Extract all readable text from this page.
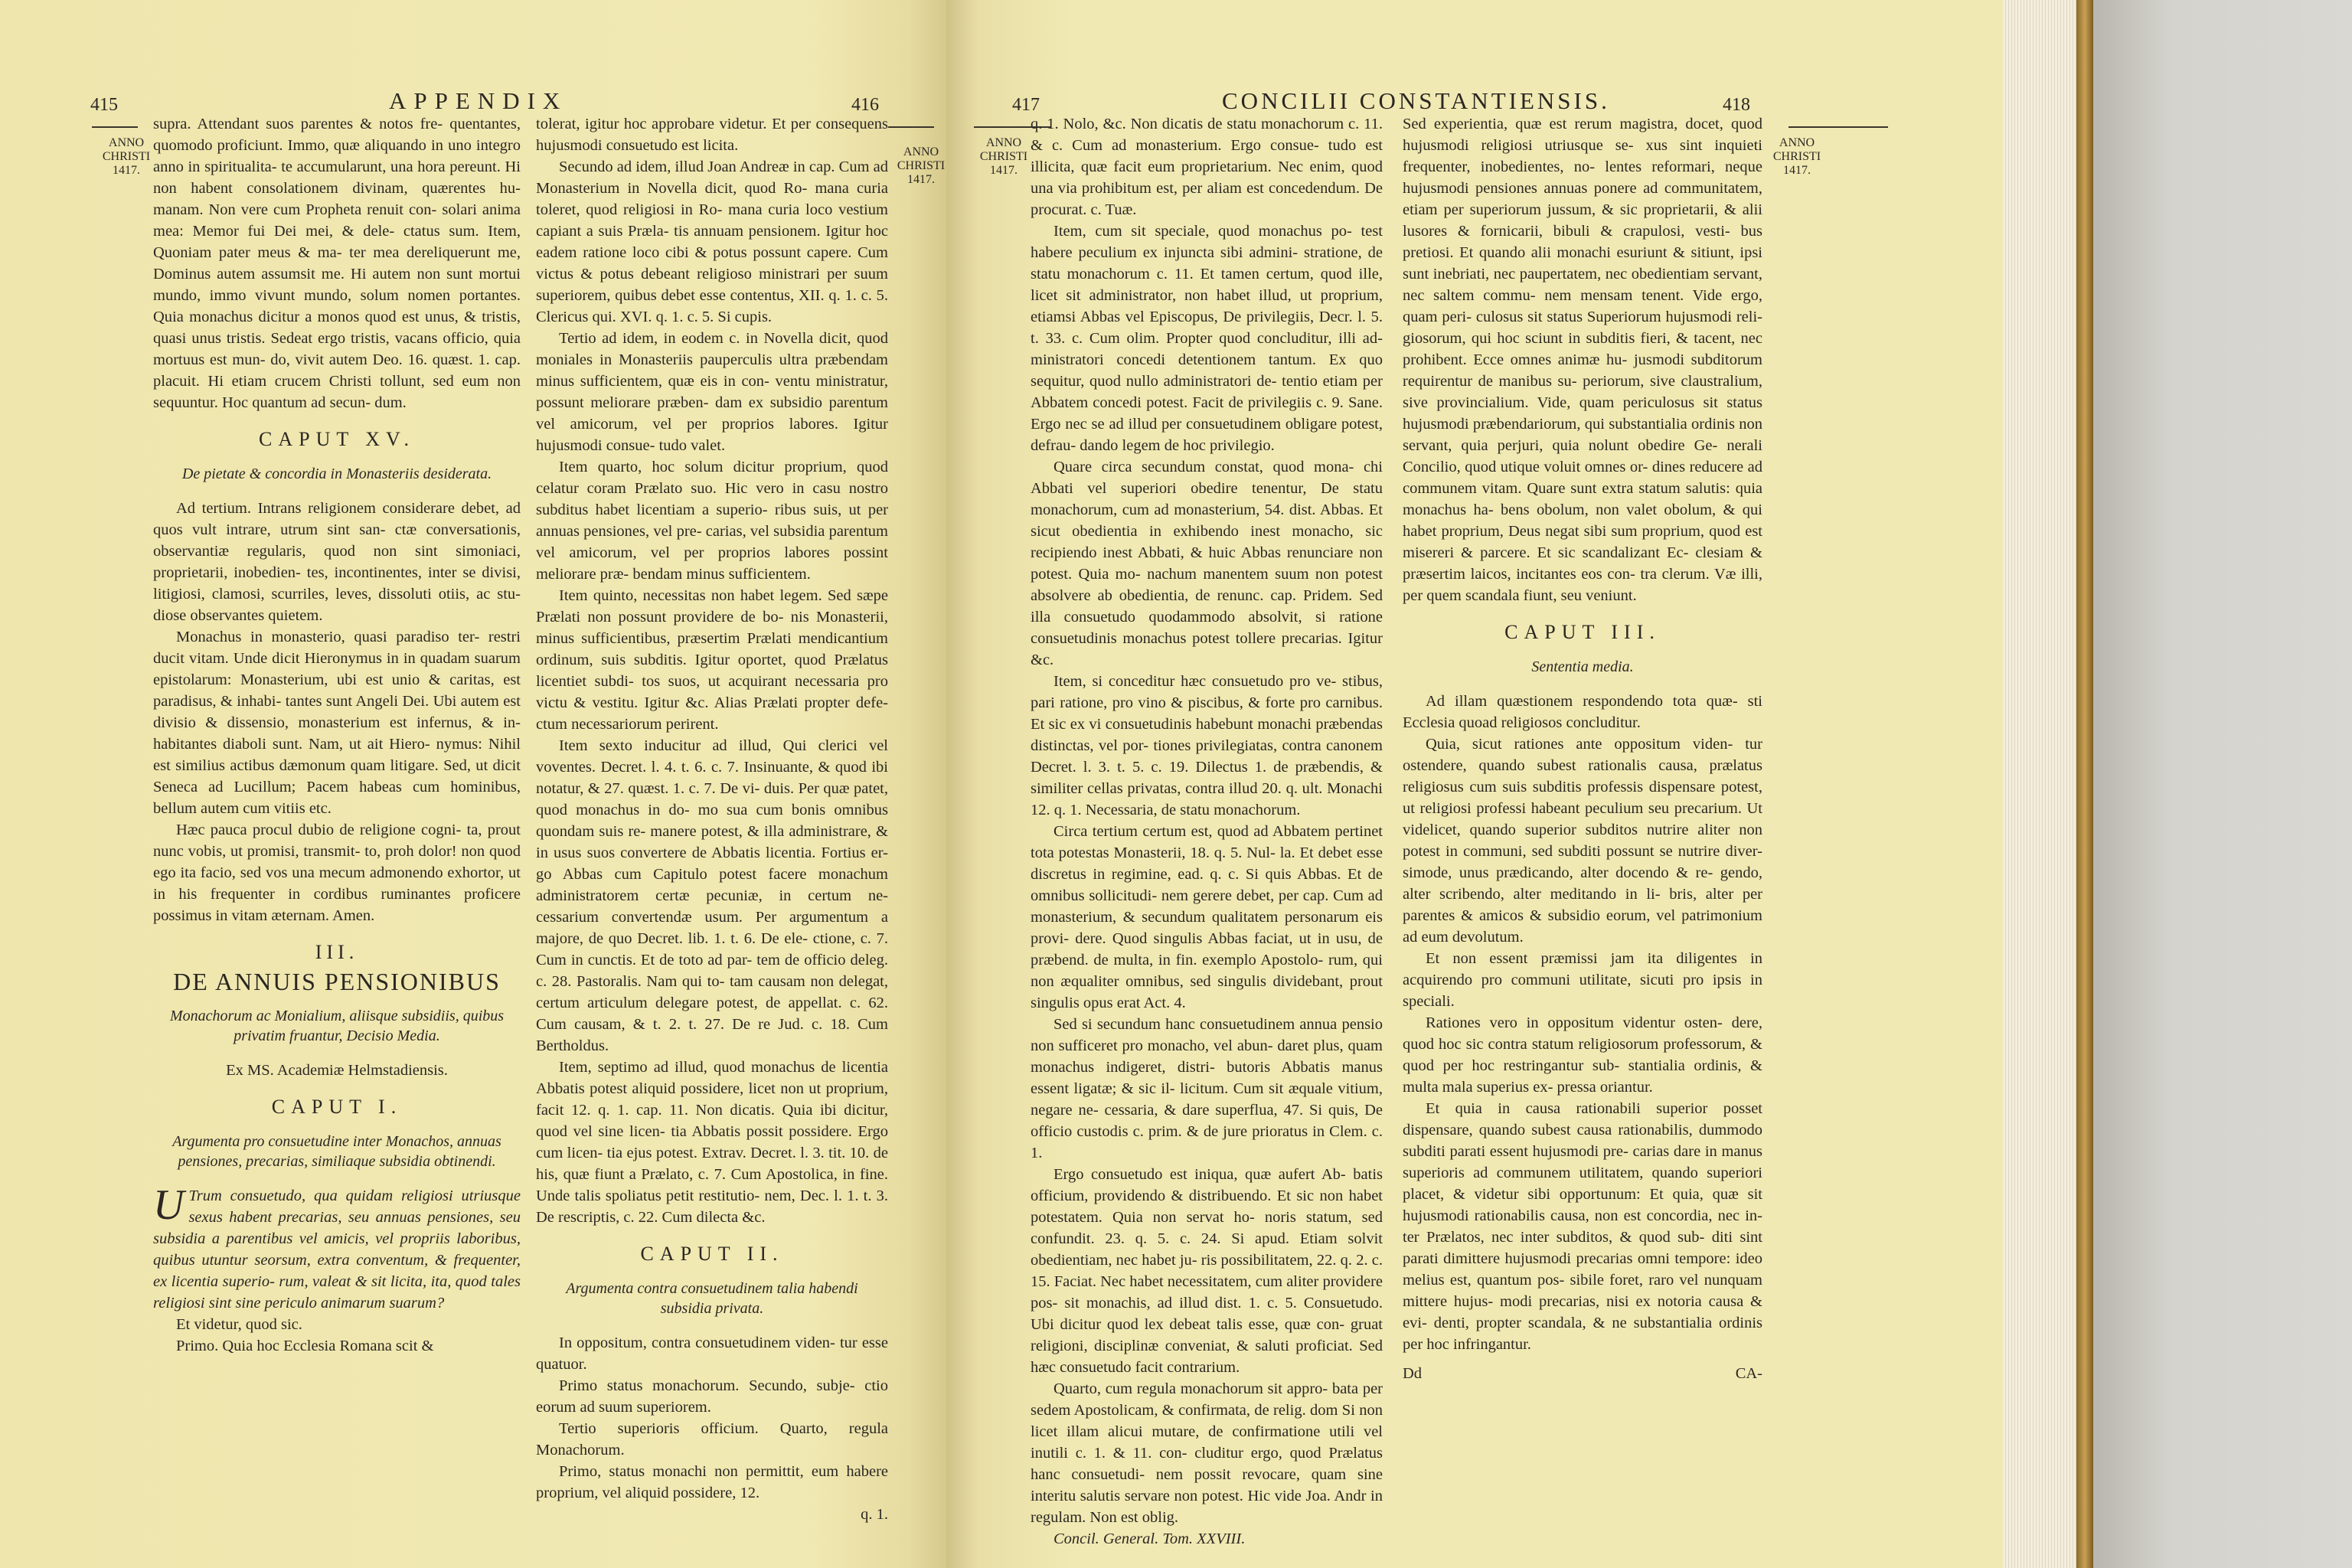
415	APPENDIX	416
ANNO CHRISTI 1417.
ANNO CHRISTI 1417.

supra. Attendant suos parentes & notos fre- quentantes, quomodo proficiunt. Immo, quæ aliquando in uno integro anno in spiritualita- te accumularunt, una hora pereunt. Hi non habent consolationem divinam, quærentes hu- manam. Non vere cum Propheta renuit con- solari anima mea: Memor fui Dei mei, & dele- ctatus sum. Item, Quoniam pater meus & ma- ter mea dereliquerunt me, Dominus autem assumsit me. Hi autem non sunt mortui mundo, immo vivunt mundo, solum nomen portantes. Quia monachus dicitur a monos quod est unus, & tristis, quasi unus tristis. Sedeat ergo tristis, vacans officio, quia mortuus est mun- do, vivit autem Deo. 16. quæst. 1. cap. placuit. Hi etiam crucem Christi tollunt, sed eum non sequuntur. Hoc quantum ad secun- dum.

CAPUT XV.
De pietate & concordia in Monasteriis desiderata.

Ad tertium. Intrans religionem considerare debet, ad quos vult intrare, utrum sint san- ctæ conversationis, observantiæ regularis, quod non sint simoniaci, proprietarii, inobedien- tes, incontinentes, inter se divisi, litigiosi, clamosi, scurriles, leves, dissoluti otiis, ac stu- diose observantes quietem.

Monachus in monasterio, quasi paradiso ter- restri ducit vitam. Unde dicit Hieronymus in in quadam suarum epistolarum: Monasterium, ubi est unio & caritas, est paradisus, & inhabi- tantes sunt Angeli Dei. Ubi autem est divisio & dissensio, monasterium est infernus, & in- habitantes diaboli sunt. Nam, ut ait Hiero- nymus: Nihil est similius actibus dæmonum quam litigare. Sed, ut dicit Seneca ad Lucillum; Pacem habeas cum hominibus, bellum autem cum vitiis etc.

Hæc pauca procul dubio de religione cogni- ta, prout nunc vobis, ut promisi, transmit- to, proh dolor! non quod ego ita facio, sed vos una mecum admonendo exhortor, ut in his frequenter in cordibus ruminantes proficere possimus in vitam æternam. Amen.

III.
DE ANNUIS PENSIONIBUS
Monachorum ac Monialium, aliisque subsidiis, quibus privatim fruantur, Decisio Media.
Ex MS. Academiæ Helmstadiensis.
CAPUT I.
Argumenta pro consuetudine inter Monachos, annuas pensiones, precarias, similiaque subsidia obtinendi.

U Trum consuetudo, qua quidam religiosi utriusque sexus habent precarias, seu annuas pensiones, seu subsidia a parentibus vel amicis, vel propriis laboribus, quibus utuntur seorsum, extra conventum, & frequenter, ex licentia superio- rum, valeat & sit licita, ita, quod tales religiosi sint sine periculo animarum suarum?

Et videtur, quod sic.

Primo. Quia hoc Ecclesia Romana scit &

tolerat, igitur hoc approbare videtur. Et per consequens hujusmodi consuetudo est licita.

Secundo ad idem, illud Joan Andreæ in cap. Cum ad Monasterium in Novella dicit, quod Ro- mana curia toleret, quod religiosi in Ro- mana curia loco vestium capiant a suis Præla- tis annuam pensionem. Igitur hoc eadem ratione loco cibi & potus possunt capere. Cum victus & potus debeant religioso ministrari per suum superiorem, quibus debet esse contentus, XII. q. 1. c. 5. Clericus qui. XVI. q. 1. c. 5. Si cupis.

Tertio ad idem, in eodem c. in Novella dicit, quod moniales in Monasteriis pauperculis ultra præbendam minus sufficientem, quæ eis in con- ventu ministratur, possunt meliorare præben- dam ex subsidio parentum vel amicorum, vel per proprios labores. Igitur hujusmodi consue- tudo valet.

Item quarto, hoc solum dicitur proprium, quod celatur coram Prælato suo. Hic vero in casu nostro subditus habet licentiam a superio- ribus suis, ut per annuas pensiones, vel pre- carias, vel subsidia parentum vel amicorum, vel per proprios labores possint meliorare præ- bendam minus sufficientem.

Item quinto, necessitas non habet legem. Sed sæpe Prælati non possunt providere de bo- nis Monasterii, minus sufficientibus, præsertim Prælati mendicantium ordinum, suis subditis. Igitur oportet, quod Prælatus licentiet subdi- tos suos, ut acquirant necessaria pro victu & vestitu. Igitur &c. Alias Prælati propter defe- ctum necessariorum perirent.

Item sexto inducitur ad illud, Qui clerici vel voventes. Decret. l. 4. t. 6. c. 7. Insinuante, & quod ibi notatur, & 27. quæst. 1. c. 7. De vi- duis. Per quæ patet, quod monachus in do- mo sua cum bonis omnibus quondam suis re- manere potest, & illa administrare, & in usus suos convertere de Abbatis licentia. Fortius er- go Abbas cum Capitulo potest facere monachum administratorem certæ pecuniæ, in certum ne- cessarium convertendæ usum. Per argumentum a majore, de quo Decret. lib. 1. t. 6. De ele- ctione, c. 7. Cum in cunctis. Et de toto ad par- tem de officio deleg. c. 28. Pastoralis. Nam qui to- tam causam non delegat, certum articulum delegare potest, de appellat. c. 62. Cum causam, & t. 2. t. 27. De re Jud. c. 18. Cum Bertholdus.

Item, septimo ad illud, quod monachus de licentia Abbatis potest aliquid possidere, licet non ut proprium, facit 12. q. 1. cap. 11. Non dicatis. Quia ibi dicitur, quod vel sine licen- tia Abbatis possit possidere. Ergo cum licen- tia ejus potest. Extrav. Decret. l. 3. tit. 10. de his, quæ fiunt a Prælato, c. 7. Cum Apostolica, in fine. Unde talis spoliatus petit restitutio- nem, Dec. l. 1. t. 3. De rescriptis, c. 22. Cum dilecta &c.

CAPUT II.
Argumenta contra consuetudinem talia habendi subsidia privata.

In oppositum, contra consuetudinem viden- tur esse quatuor.

Primo status monachorum. Secundo, subje- ctio eorum ad suum superiorem.

Tertio superioris officium. Quarto, regula Monachorum.

Primo, status monachi non permittit, eum habere proprium, vel aliquid possidere, 12.

q. 1.

417	CONCILII CONSTANTIENSIS.	418
ANNO CHRISTI 1417.
ANNO CHRISTI 1417.

q. 1. Nolo, &c. Non dicatis de statu monachorum c. 11. & c. Cum ad monasterium. Ergo consue- tudo est illicita, quæ facit eum proprietarium. Nec enim, quod una via prohibitum est, per aliam est concedendum. De procurat. c. Tuæ.

Item, cum sit speciale, quod monachus po- test habere peculium ex injuncta sibi admini- stratione, de statu monachorum c. 11. Et tamen certum, quod ille, licet sit administrator, non habet illud, ut proprium, etiamsi Abbas vel Episcopus, De privilegiis, Decr. l. 5. t. 33. c. Cum olim. Propter quod concluditur, illi ad- ministratori concedi detentionem tantum. Ex quo sequitur, quod nullo administratori de- tentio etiam per Abbatem concedi potest. Facit de privilegiis c. 9. Sane. Ergo nec se ad illud per consuetudinem obligare potest, defrau- dando legem de hoc privilegio.

Quare circa secundum constat, quod mona- chi Abbati vel superiori obedire tenentur, De statu monachorum, cum ad monasterium, 54. dist. Abbas. Et sicut obedientia in exhibendo inest monacho, sic recipiendo inest Abbati, & huic Abbas renunciare non potest. Quia mo- nachum manentem suum non potest absolvere ab obedientia, de renunc. cap. Pridem. Sed illa consuetudo quodammodo absolvit, si ratione consuetudinis monachus potest tollere precarias. Igitur &c.

Item, si conceditur hæc consuetudo pro ve- stibus, pari ratione, pro vino & piscibus, & forte pro carnibus. Et sic ex vi consuetudinis habebunt monachi præbendas distinctas, vel por- tiones privilegiatas, contra canonem Decret. l. 3. t. 5. c. 19. Dilectus 1. de præbendis, & similiter cellas privatas, contra illud 20. q. ult. Monachi 12. q. 1. Necessaria, de statu monachorum.

Circa tertium certum est, quod ad Abbatem pertinet tota potestas Monasterii, 18. q. 5. Nul- la. Et debet esse discretus in regimine, ead. q. c. Si quis Abbas. Et de omnibus sollicitudi- nem gerere debet, per cap. Cum ad monasterium, & secundum qualitatem personarum eis provi- dere. Quod singulis Abbas faciat, ut in usu, de præbend. de multa, in fin. exemplo Apostolo- rum, qui non æqualiter omnibus, sed singulis dividebant, prout singulis opus erat Act. 4.

Sed si secundum hanc consuetudinem annua pensio non sufficeret pro monacho, vel abun- daret plus, quam monachus indigeret, distri- butoris Abbatis manus essent ligatæ; & sic il- licitum. Cum sit æquale vitium, negare ne- cessaria, & dare superflua, 47. Si quis, De officio custodis c. prim. & de jure prioratus in Clem. c. 1.

Ergo consuetudo est iniqua, quæ aufert Ab- batis officium, providendo & distribuendo. Et sic non habet potestatem. Quia non servat ho- noris statum, sed confundit. 23. q. 5. c. 24. Si apud. Etiam solvit obedientiam, nec habet ju- ris possibilitatem, 22. q. 2. c. 15. Faciat. Nec habet necessitatem, cum aliter providere pos- sit monachis, ad illud dist. 1. c. 5. Consuetudo. Ubi dicitur quod lex debeat talis esse, quæ con- gruat religioni, disciplinæ conveniat, & saluti proficiat. Sed hæc consuetudo facit contrarium.

Quarto, cum regula monachorum sit appro- bata per sedem Apostolicam, & confirmata, de relig. dom Si non licet illam alicui mutare, de confirmatione utili vel inutili c. 1. & 11. con- cluditur ergo, quod Prælatus hanc consuetudi- nem possit revocare, quam sine interitu salutis servare non potest. Hic vide Joa. Andr in regulam. Non est oblig.

Concil. General. Tom. XXVIII.

Sed experientia, quæ est rerum magistra, docet, quod hujusmodi religiosi utriusque se- xus sint inquieti frequenter, inobedientes, no- lentes reformari, neque hujusmodi pensiones annuas ponere ad communitatem, etiam per superiorum jussum, & sic proprietarii, & alii lusores & fornicarii, bibuli & crapulosi, vesti- bus pretiosi. Et quando alii monachi esuriunt & sitiunt, ipsi sunt inebriati, nec paupertatem, nec obedientiam servant, nec saltem commu- nem mensam tenent. Vide ergo, quam peri- culosus sit status Superiorum hujusmodi reli- giosorum, qui hoc sciunt in subditis fieri, & tacent, nec prohibent. Ecce omnes animæ hu- jusmodi subditorum requirentur de manibus su- periorum, sive claustralium, sive provincialium. Vide, quam periculosus sit status hujusmodi præbendariorum, qui substantialia ordinis non servant, quia perjuri, quia nolunt obedire Ge- nerali Concilio, quod utique voluit omnes or- dines reducere ad communem vitam. Quare sunt extra statum salutis: quia monachus ha- bens obolum, non valet obolum, & qui habet proprium, Deus negat sibi sum proprium, quod est misereri & parcere. Et sic scandalizant Ec- clesiam & præsertim laicos, incitantes eos con- tra clerum. Væ illi, per quem scandala fiunt, seu veniunt.

CAPUT III.
Sententia media.

Ad illam quæstionem respondendo tota quæ- sti Ecclesia quoad religiosos concluditur.

Quia, sicut rationes ante oppositum viden- tur ostendere, quando subest rationalis causa, prælatus religiosus cum suis subditis professis dispensare potest, ut religiosi professi habeant peculium seu precarium. Ut videlicet, quando superior subditos nutrire aliter non potest in communi, sed subditi possunt se nutrire diver- simode, unus prædicando, alter docendo & re- gendo, alter scribendo, alter meditando in li- bris, alter per parentes & amicos & subsidio eorum, vel patrimonium ad eum devolutum.

Et non essent præmissi jam ita diligentes in acquirendo pro communi utilitate, sicuti pro ipsis in speciali.

Rationes vero in oppositum videntur osten- dere, quod hoc sic contra statum religiosorum professorum, & quod per hoc restringantur sub- stantialia ordinis, & multa mala superius ex- pressa oriantur.

Et quia in causa rationabili superior posset dispensare, quando subest causa rationabilis, dummodo subditi parati essent hujusmodi pre- carias dare in manus superioris ad communem utilitatem, quando superiori placet, & videtur sibi opportunum: Et quia, quæ sit hujusmodi rationabilis causa, non est concordia, nec in- ter Prælatos, nec inter subditos, & quod sub- diti sint parati dimittere hujusmodi precarias omni tempore: ideo melius est, quantum pos- sibile foret, raro vel nunquam mittere hujus- modi precarias, nisi ex notoria causa & evi- denti, propter scandala, & ne substantialia ordinis per hoc infringantur.

Dd	CA-
